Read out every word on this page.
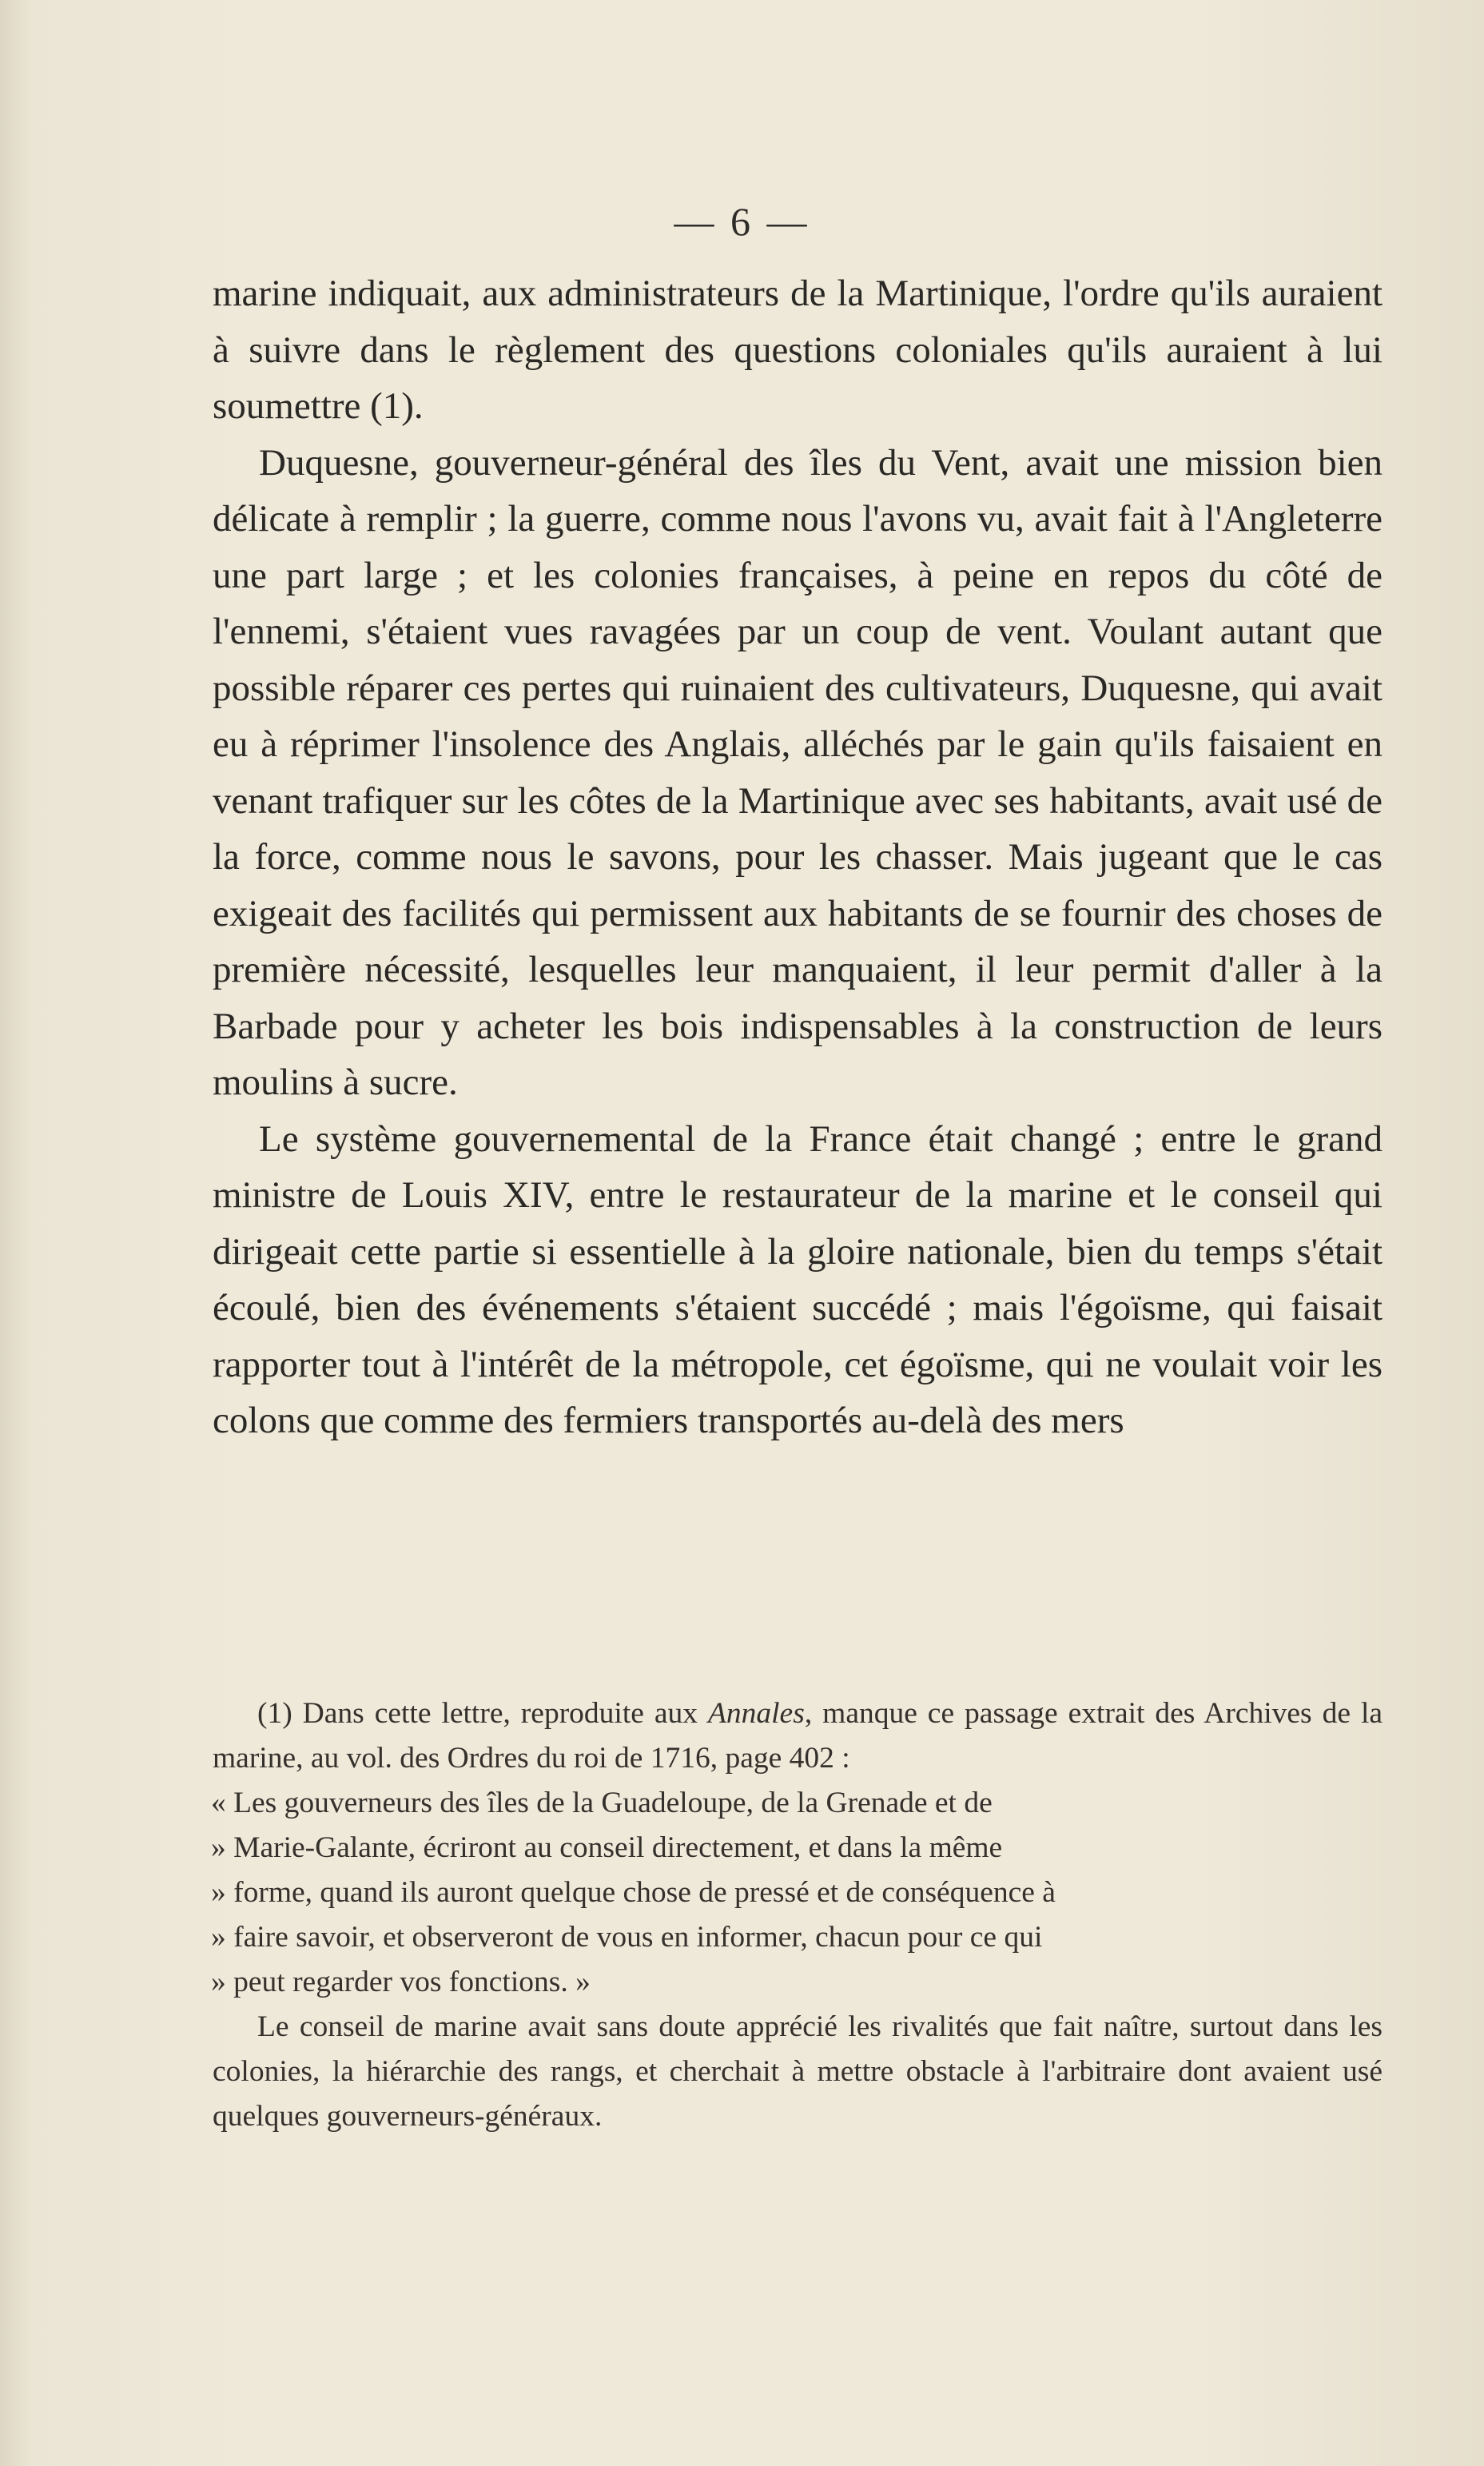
— 6 —

marine indiquait, aux administrateurs de la Martinique, l'ordre qu'ils auraient à suivre dans le règlement des questions coloniales qu'ils auraient à lui soumettre (1).

Duquesne, gouverneur-général des îles du Vent, avait une mission bien délicate à remplir ; la guerre, comme nous l'avons vu, avait fait à l'Angleterre une part large ; et les colonies françaises, à peine en repos du côté de l'ennemi, s'étaient vues ravagées par un coup de vent. Voulant autant que possible réparer ces pertes qui ruinaient des cultivateurs, Duquesne, qui avait eu à réprimer l'insolence des Anglais, alléchés par le gain qu'ils faisaient en venant trafiquer sur les côtes de la Martinique avec ses habitants, avait usé de la force, comme nous le savons, pour les chasser. Mais jugeant que le cas exigeait des facilités qui permissent aux habitants de se fournir des choses de première nécessité, lesquelles leur manquaient, il leur permit d'aller à la Barbade pour y acheter les bois indispensables à la construction de leurs moulins à sucre.

Le système gouvernemental de la France était changé ; entre le grand ministre de Louis XIV, entre le restaurateur de la marine et le conseil qui dirigeait cette partie si essentielle à la gloire nationale, bien du temps s'était écoulé, bien des événements s'étaient succédé ; mais l'égoïsme, qui faisait rapporter tout à l'intérêt de la métropole, cet égoïsme, qui ne voulait voir les colons que comme des fermiers transportés au-delà des mers

(1) Dans cette lettre, reproduite aux Annales, manque ce passage extrait des Archives de la marine, au vol. des Ordres du roi de 1716, page 402 :

« Les gouverneurs des îles de la Guadeloupe, de la Grenade et de

» Marie-Galante, écriront au conseil directement, et dans la même

» forme, quand ils auront quelque chose de pressé et de conséquence à

» faire savoir, et observeront de vous en informer, chacun pour ce qui

» peut regarder vos fonctions. »

Le conseil de marine avait sans doute apprécié les rivalités que fait naître, surtout dans les colonies, la hiérarchie des rangs, et cherchait à mettre obstacle à l'arbitraire dont avaient usé quelques gouverneurs-généraux.
